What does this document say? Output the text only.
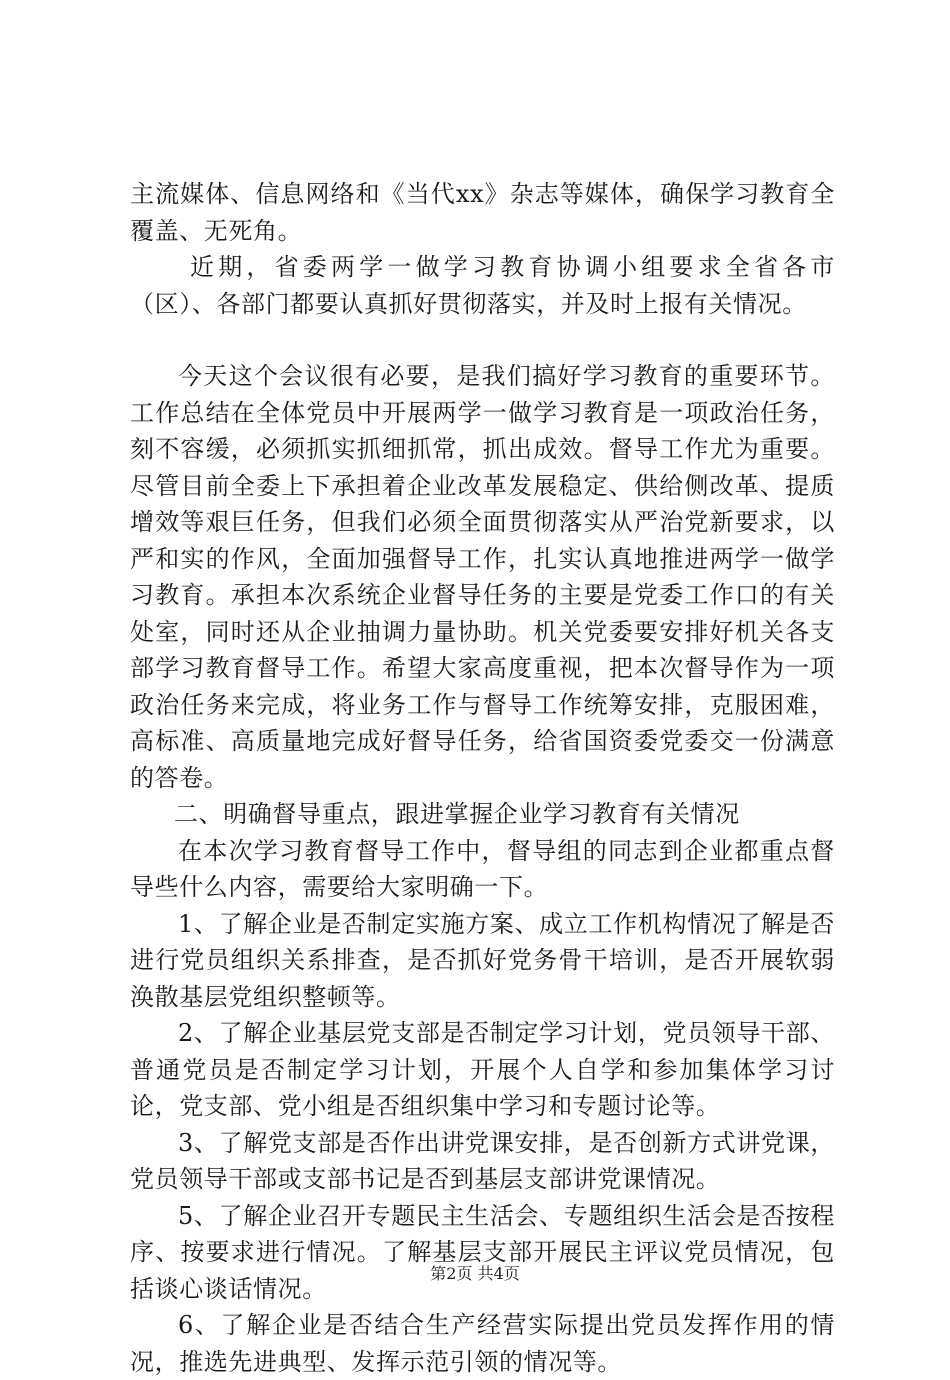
主流媒体、信息网络和《当代xx》杂志等媒体，确保学习教育全覆盖、无死角。

近期，省委两学一做学习教育协调小组要求全省各市（区）、各部门都要认真抓好贯彻落实，并及时上报有关情况。

今天这个会议很有必要，是我们搞好学习教育的重要环节。工作总结在全体党员中开展两学一做学习教育是一项政治任务，刻不容缓，必须抓实抓细抓常，抓出成效。督导工作尤为重要。尽管目前全委上下承担着企业改革发展稳定、供给侧改革、提质增效等艰巨任务，但我们必须全面贯彻落实从严治党新要求，以严和实的作风，全面加强督导工作，扎实认真地推进两学一做学习教育。承担本次系统企业督导任务的主要是党委工作口的有关处室，同时还从企业抽调力量协助。机关党委要安排好机关各支部学习教育督导工作。希望大家高度重视，把本次督导作为一项政治任务来完成，将业务工作与督导工作统筹安排，克服困难，高标准、高质量地完成好督导任务，给省国资委党委交一份满意的答卷。

二、明确督导重点，跟进掌握企业学习教育有关情况

在本次学习教育督导工作中，督导组的同志到企业都重点督导些什么内容，需要给大家明确一下。

1、了解企业是否制定实施方案、成立工作机构情况了解是否进行党员组织关系排查，是否抓好党务骨干培训，是否开展软弱涣散基层党组织整顿等。

2、了解企业基层党支部是否制定学习计划，党员领导干部、普通党员是否制定学习计划，开展个人自学和参加集体学习讨论，党支部、党小组是否组织集中学习和专题讨论等。

3、了解党支部是否作出讲党课安排，是否创新方式讲党课，党员领导干部或支部书记是否到基层支部讲党课情况。

5、了解企业召开专题民主生活会、专题组织生活会是否按程序、按要求进行情况。了解基层支部开展民主评议党员情况，包括谈心谈话情况。

6、了解企业是否结合生产经营实际提出党员发挥作用的情况，推选先进典型、发挥示范引领的情况等。

第2页 共4页
